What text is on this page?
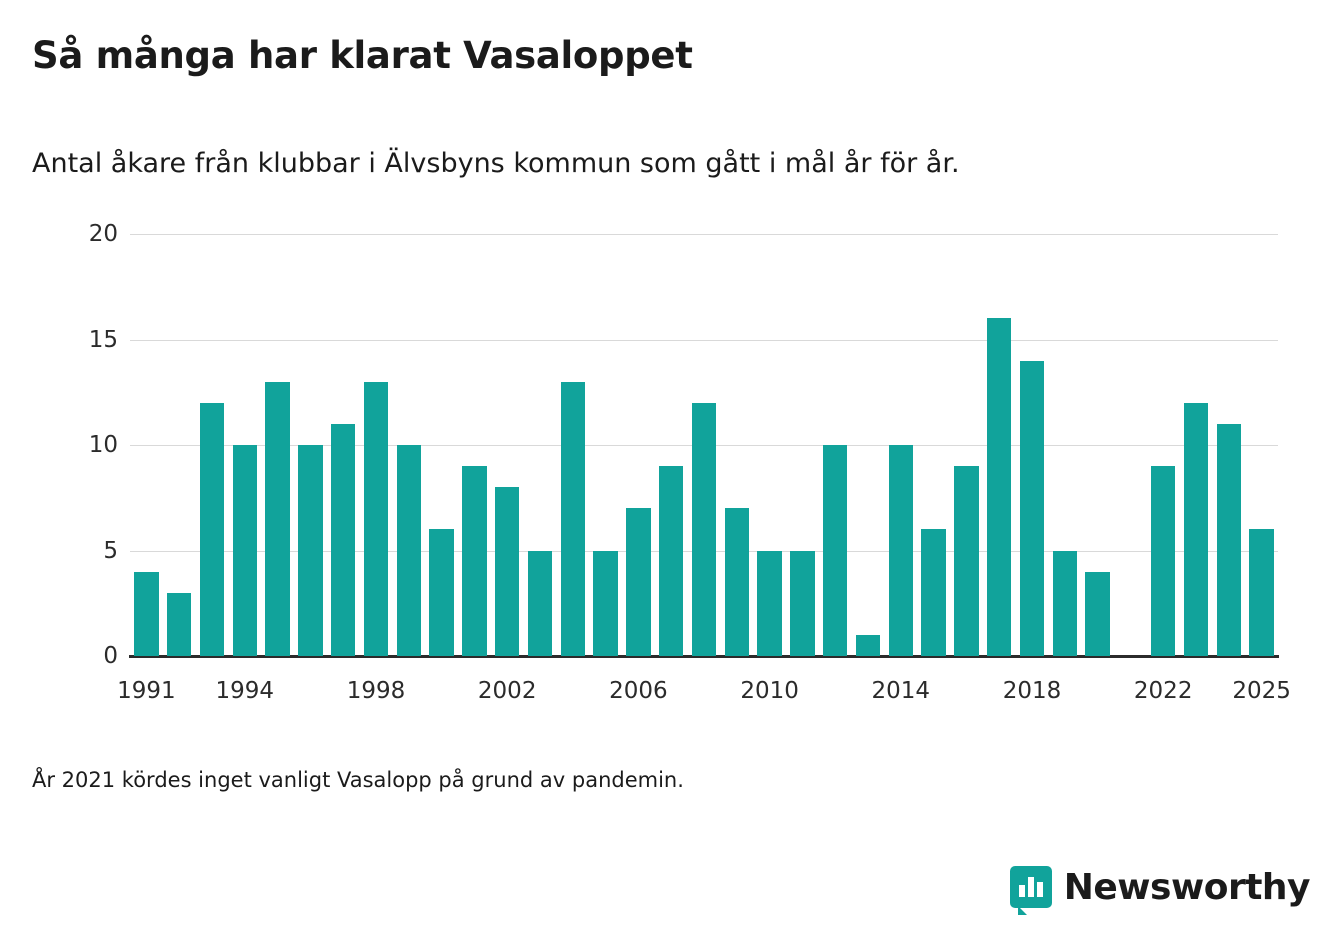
Så många har klarat Vasaloppet
Antal åkare från klubbar i Älvsbyns kommun som gått i mål år för år.
0
5
10
15
20
1991 1994	1998	2002	2006	2010	2014	2018	2022 2025
År 2021 kördes inget vanligt Vasalopp på grund av pandemin.
Newsworthy
